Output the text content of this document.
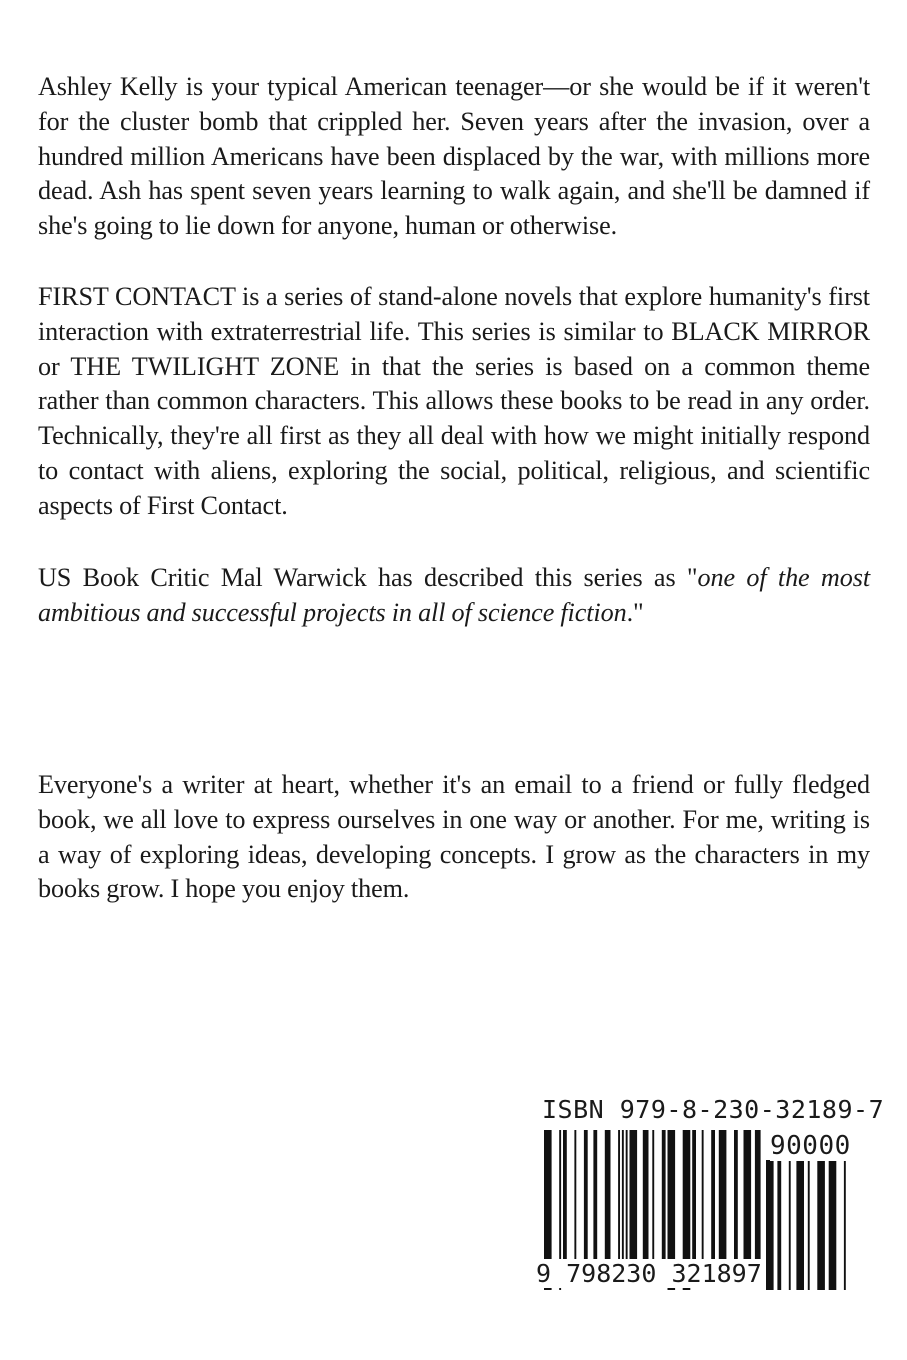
Ashley Kelly is your typical American teenager—or she would be if it weren't for the cluster bomb that crippled her. Seven years after the invasion, over a hundred million Americans have been displaced by the war, with millions more dead. Ash has spent seven years learning to walk again, and she'll be damned if she's going to lie down for anyone, human or otherwise.

FIRST CONTACT is a series of stand-alone novels that explore humanity's first interaction with extraterrestrial life. This series is similar to BLACK MIRROR or THE TWILIGHT ZONE in that the series is based on a common theme rather than common characters. This allows these books to be read in any order. Technically, they're all first as they all deal with how we might initially respond to contact with aliens, exploring the social, political, religious, and scientific aspects of First Contact.

US Book Critic Mal Warwick has described this series as "one of the most ambitious and successful projects in all of science fiction."

Everyone's a writer at heart, whether it's an email to a friend or fully fledged book, we all love to express ourselves in one way or another. For me, writing is a way of exploring ideas, developing concepts. I grow as the characters in my books grow. I hope you enjoy them.

ISBN 979-8-230-32189-7
90000
9 798230 321897
